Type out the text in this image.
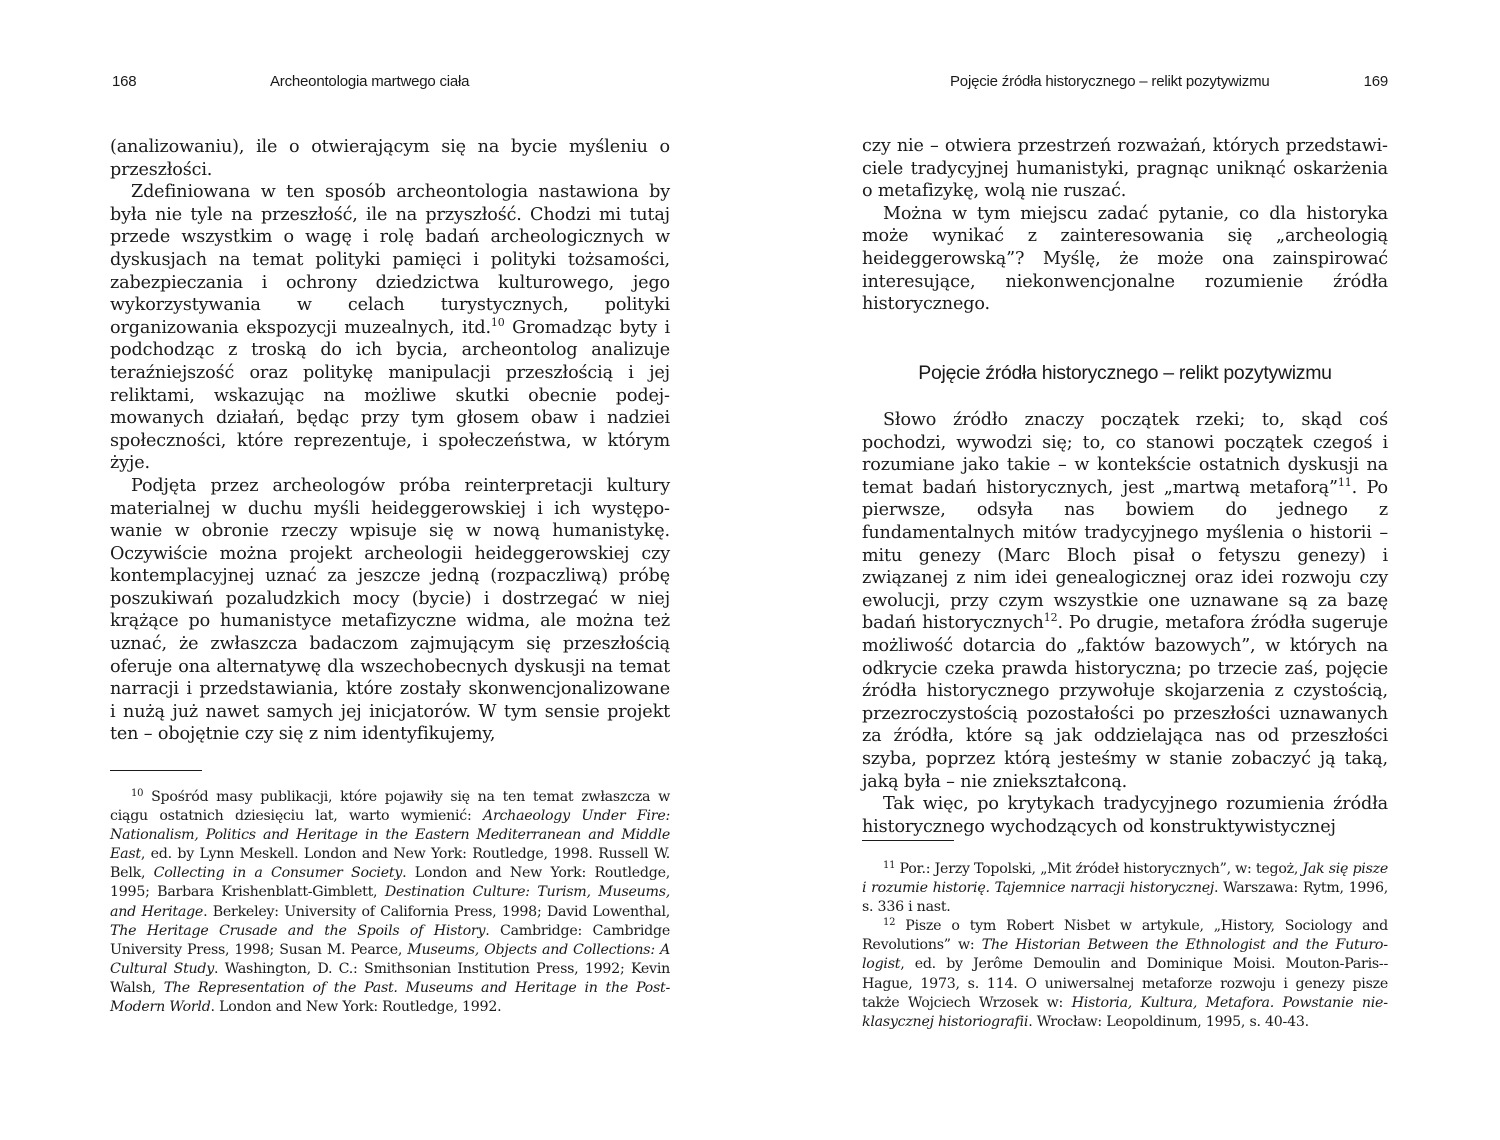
168	Archeontologia martwego ciała

(analizowaniu), ile o otwierającym się na bycie myśleniu o przeszłości.

Zdefiniowana w ten sposób archeontologia nastawiona by była nie tyle na przeszłość, ile na przyszłość. Chodzi mi tutaj przede wszystkim o wagę i rolę badań archeologicznych w dyskusjach na temat polityki pamięci i polityki tożsamości, zabezpieczania i ochrony dziedzictwa kulturowego, jego wykorzystywania w celach turystycznych, polityki organizowania ekspozycji muzealnych, itd.$^{10}$ Gromadząc byty i podchodząc z troską do ich bycia, archeontolog analizuje teraźniejszość oraz politykę manipulacji przeszłością i jej reliktami, wskazując na możliwe skutki obecnie podejmowanych działań, będąc przy tym głosem obaw i nadziei społeczności, które reprezentuje, i społeczeństwa, w którym żyje.

Podjęta przez archeologów próba reinterpretacji kultury materialnej w duchu myśli heideggerowskiej i ich występowanie w obronie rzeczy wpisuje się w nową humanistykę. Oczywiście można projekt archeologii heideggerowskiej czy kontemplacyjnej uznać za jeszcze jedną (rozpaczliwą) próbę poszukiwań pozaludzkich mocy (bycie) i dostrzegać w niej krążące po humanistyce metafizyczne widma, ale można też uznać, że zwłaszcza badaczom zajmującym się przeszłością oferuje ona alternatywę dla wszechobecnych dyskusji na temat narracji i przedstawiania, które zostały skonwencjonalizowane i nużą już nawet samych jej inicjatorów. W tym sensie projekt ten – obojętnie czy się z nim identyfikujemy,

$^{10}$ Spośród masy publikacji, które pojawiły się na ten temat zwłaszcza w ciągu ostatnich dziesięciu lat, warto wymienić: Archaeology Under Fire: Nationalism, Politics and Heritage in the Eastern Mediterranean and Middle East, ed. by Lynn Meskell. London and New York: Routledge, 1998. Russell W. Belk, Collecting in a Consumer Society. London and New York: Routledge, 1995; Barbara Krishenblatt-Gimblett, Destination Culture: Turism, Museums, and Heritage. Berkeley: University of California Press, 1998; David Lowenthal, The Heritage Crusade and the Spoils of History. Cambridge: Cambridge University Press, 1998; Susan M. Pearce, Museums, Objects and Collections: A Cultural Study. Washington, D. C.: Smithsonian Institution Press, 1992; Kevin Walsh, The Representation of the Past. Museums and Heritage in the Post-Modern World. London and New York: Routledge, 1992.

Pojęcie źródła historycznego – relikt pozytywizmu	169

czy nie – otwiera przestrzeń rozważań, których przedstawiciele tradycyjnej humanistyki, pragnąc uniknąć oskarżenia o metafizykę, wolą nie ruszać.

Można w tym miejscu zadać pytanie, co dla historyka może wynikać z zainteresowania się „archeologią heideggerowską”? Myślę, że może ona zainspirować interesujące, niekonwencjonalne rozumienie źródła historycznego.

Pojęcie źródła historycznego – relikt pozytywizmu

Słowo źródło znaczy początek rzeki; to, skąd coś pochodzi, wywodzi się; to, co stanowi początek czegoś i rozumiane jako takie – w kontekście ostatnich dyskusji na temat badań historycznych, jest „martwą metaforą”$^{11}$. Po pierwsze, odsyła nas bowiem do jednego z fundamentalnych mitów tradycyjnego myślenia o historii – mitu genezy (Marc Bloch pisał o fetyszu genezy) i związanej z nim idei genealogicznej oraz idei rozwoju czy ewolucji, przy czym wszystkie one uznawane są za bazę badań historycznych$^{12}$. Po drugie, metafora źródła sugeruje możliwość dotarcia do „faktów bazowych”, w których na odkrycie czeka prawda historyczna; po trzecie zaś, pojęcie źródła historycznego przywołuje skojarzenia z czystością, przezroczystością pozostałości po przeszłości uznawanych za źródła, które są jak oddzielająca nas od przeszłości szyba, poprzez którą jesteśmy w stanie zobaczyć ją taką, jaką była – nie zniekształconą.

Tak więc, po krytykach tradycyjnego rozumienia źródła historycznego wychodzących od konstruktywistycznej

$^{11}$ Por.: Jerzy Topolski, „Mit źródeł historycznych”, w: tegoż, Jak się pisze i rozumie historię. Tajemnice narracji historycznej. Warszawa: Rytm, 1996, s. 336 i nast.

$^{12}$ Pisze o tym Robert Nisbet w artykule, „History, Sociology and Revolutions” w: The Historian Between the Ethnologist and the Futurologist, ed. by Jerôme Demoulin and Dominique Moisi. Mouton-Paris--Hague, 1973, s. 114. O uniwersalnej metaforze rozwoju i genezy pisze także Wojciech Wrzosek w: Historia, Kultura, Metafora. Powstanie nieklasycznej historiografii. Wrocław: Leopoldinum, 1995, s. 40-43.
